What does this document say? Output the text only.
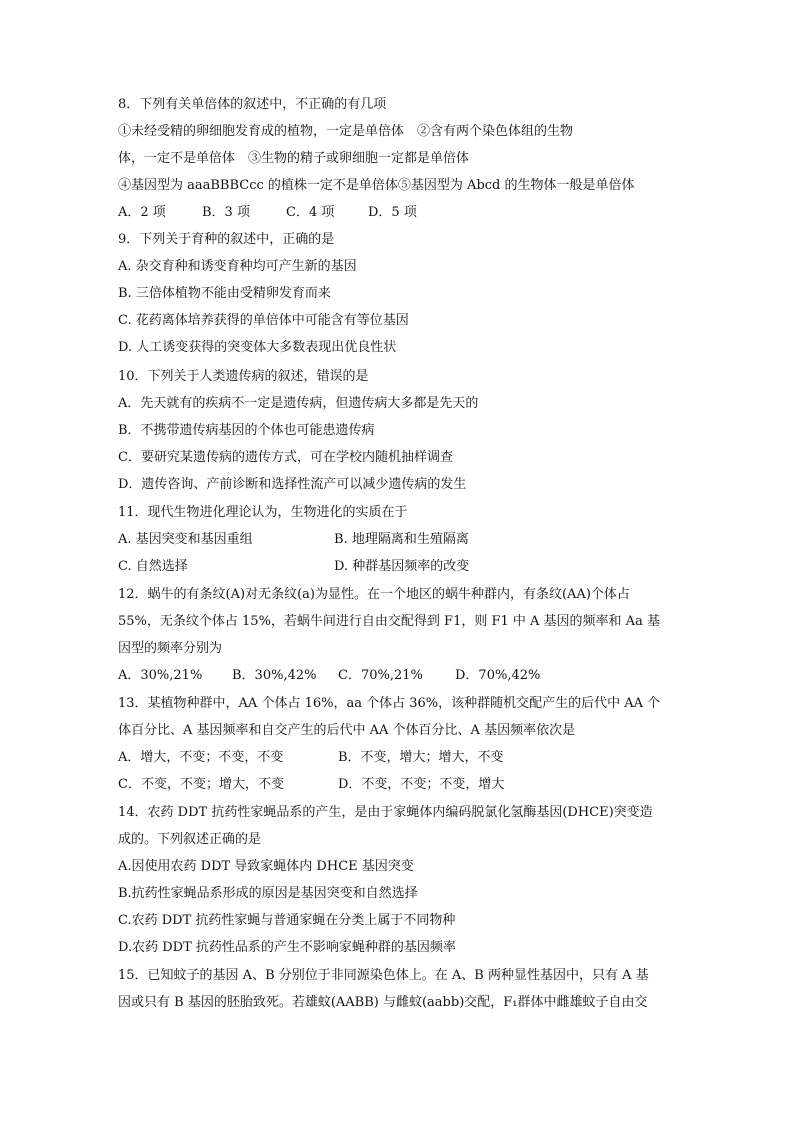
8．下列有关单倍体的叙述中，不正确的有几项
①未经受精的卵细胞发育成的植物，一定是单倍体　②含有两个染色体组的生物
体，一定不是单倍体　③生物的精子或卵细胞一定都是单倍体
④基因型为 aaaBBBCcc 的植株一定不是单倍体⑤基因型为 Abcd 的生物体一般是单倍体
A．2 项	B．3 项	C．4 项	D．5 项
9．下列关于育种的叙述中，正确的是
A. 杂交育种和诱变育种均可产生新的基因
B. 三倍体植物不能由受精卵发育而来
C. 花药离体培养获得的单倍体中可能含有等位基因
D. 人工诱变获得的突变体大多数表现出优良性状
10．下列关于人类遗传病的叙述，错误的是
A．先天就有的疾病不一定是遗传病，但遗传病大多都是先天的
B．不携带遗传病基因的个体也可能患遗传病
C．要研究某遗传病的遗传方式，可在学校内随机抽样调查
D．遗传咨询、产前诊断和选择性流产可以减少遗传病的发生
11．现代生物进化理论认为，生物进化的实质在于
A. 基因突变和基因重组	B. 地理隔离和生殖隔离
C. 自然选择	D. 种群基因频率的改变
12．蜗牛的有条纹(A)对无条纹(a)为显性。在一个地区的蜗牛种群内，有条纹(AA)个体占
55%，无条纹个体占 15%，若蜗牛间进行自由交配得到 F1，则 F1 中 A 基因的频率和 Aa 基
因型的频率分别为
A．30%,21% B．30%,42% C．70%,21% D．70%,42%
13．某植物种群中，AA 个体占 16%，aa 个体占 36%，该种群随机交配产生的后代中 AA 个
体百分比、A 基因频率和自交产生的后代中 AA 个体百分比、A 基因频率依次是
A．增大，不变；不变，不变	B．不变，增大；增大，不变
C．不变，不变；增大，不变	D．不变，不变；不变，增大
14．农药 DDT 抗药性家蝇品系的产生，是由于家蝇体内编码脱氯化氢酶基因(DHCE)突变造
成的。下列叙述正确的是
A.因使用农药 DDT 导致家蝇体内 DHCE 基因突变
B.抗药性家蝇品系形成的原因是基因突变和自然选择
C.农药 DDT 抗药性家蝇与普通家蝇在分类上属于不同物种
D.农药 DDT 抗药性品系的产生不影响家蝇种群的基因频率
15．已知蚊子的基因 A、B 分别位于非同源染色体上。在 A、B 两种显性基因中，只有 A 基
因或只有 B 基因的胚胎致死。若雄蚊(AABB) 与雌蚊(aabb)交配，F₁群体中雌雄蚊子自由交
